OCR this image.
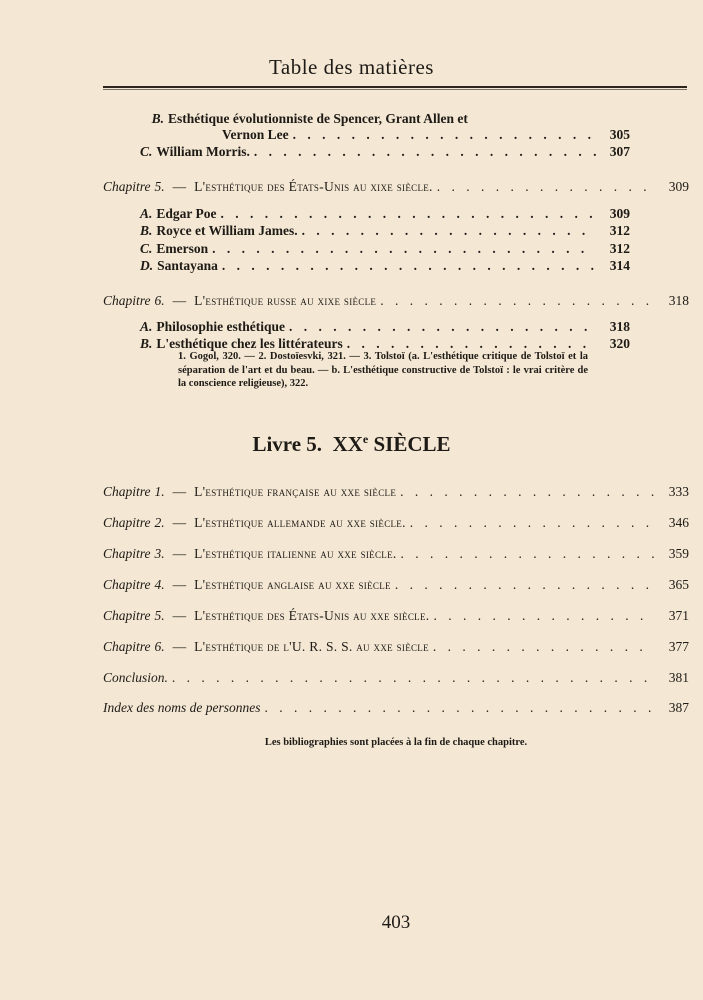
Table des matières
B. Esthétique évolutionniste de Spencer, Grant Allen et
Vernon Lee . . .	305
C. William Morris. . . .	307
Chapitre 5. — L'esthétique des États-Unis au xixe siècle. . . .	309
A. Edgar Poe . . .	309
B. Royce et William James. . . .	312
C. Emerson . . .	312
D. Santayana . . .	314
Chapitre 6. — L'esthétique russe au xixe siècle . . .	318
A. Philosophie esthétique . . .	318
B. L'esthétique chez les littérateurs . . .	320
1. Gogol, 320. — 2. Dostoïesvki, 321. — 3. Tolstoï (a. L'esthétique critique de Tolstoï et la séparation de l'art et du beau. — b. L'esthétique constructive de Tolstoï : le vrai critère de la conscience religieuse), 322.
Livre 5. XXe SIÈCLE
Chapitre 1. — L'esthétique française au xxe siècle . . .	333
Chapitre 2. — L'esthétique allemande au xxe siècle. . . .	346
Chapitre 3. — L'esthétique italienne au xxe siècle. . . .	359
Chapitre 4. — L'esthétique anglaise au xxe siècle . . .	365
Chapitre 5. — L'esthétique des États-Unis au xxe siècle. . . .	371
Chapitre 6. — L'esthétique de l'U. R. S. S. au xxe siècle . . .	377
Conclusion. . . .	381
Index des noms de personnes . . .	387
Les bibliographies sont placées à la fin de chaque chapitre.
403
